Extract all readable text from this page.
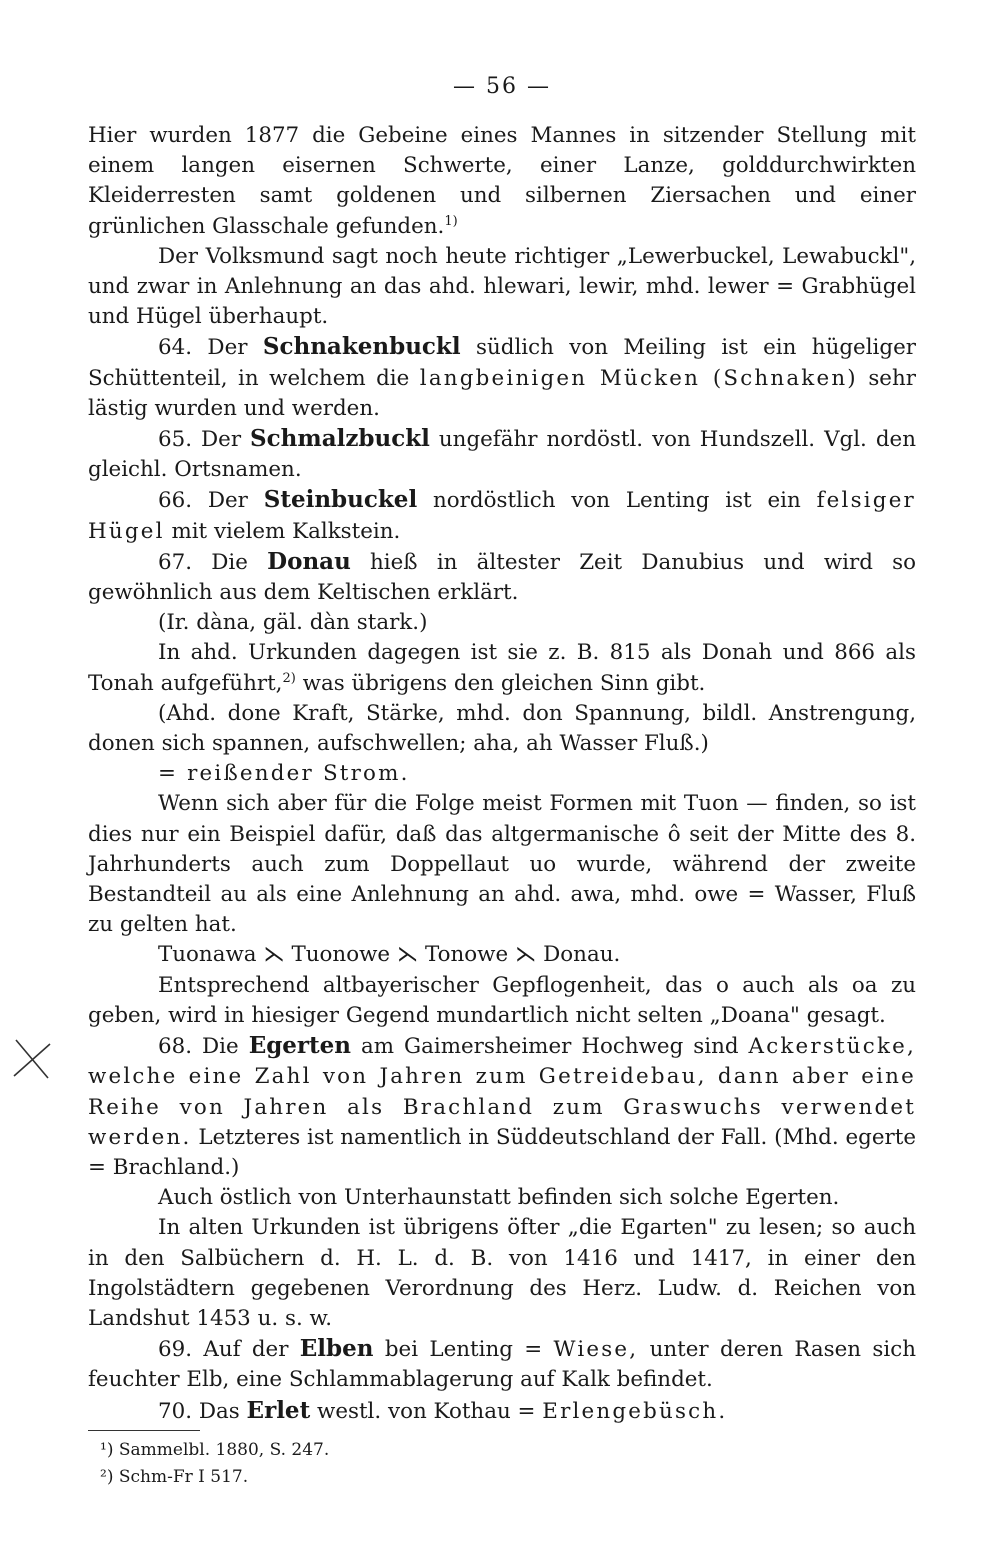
— 56 —

Hier wurden 1877 die Gebeine eines Mannes in sitzender Stellung mit einem langen eisernen Schwerte, einer Lanze, golddurchwirkten Kleiderresten samt goldenen und silbernen Ziersachen und einer grünlichen Glasschale gefunden.$^{1)}$

Der Volksmund sagt noch heute richtiger „Lewerbuckel, Lewabuckl", und zwar in Anlehnung an das ahd. hlewari, lewir, mhd. lewer = Grabhügel und Hügel überhaupt.

64. Der Schnakenbuckl südlich von Meiling ist ein hügeliger Schüttenteil, in welchem die langbeinigen Mücken (Schnaken) sehr lästig wurden und werden.

65. Der Schmalzbuckl ungefähr nordöstl. von Hundszell. Vgl. den gleichl. Ortsnamen.

66. Der Steinbuckel nordöstlich von Lenting ist ein felsiger Hügel mit vielem Kalkstein.

67. Die Donau hieß in ältester Zeit Danubius und wird so gewöhnlich aus dem Keltischen erklärt.

(Ir. dàna, gäl. dàn stark.)

In ahd. Urkunden dagegen ist sie z. B. 815 als Donah und 866 als Tonah aufgeführt,$^{2)}$ was übrigens den gleichen Sinn gibt.

(Ahd. done Kraft, Stärke, mhd. don Spannung, bildl. Anstrengung, donen sich spannen, aufschwellen; aha, ah Wasser Fluß.)

= reißender Strom.

Wenn sich aber für die Folge meist Formen mit Tuon — finden, so ist dies nur ein Beispiel dafür, daß das altgermanische ô seit der Mitte des 8. Jahrhunderts auch zum Doppellaut uo wurde, während der zweite Bestandteil au als eine Anlehnung an ahd. awa, mhd. owe = Wasser, Fluß zu gelten hat.

Tuonawa ⋋ Tuonowe ⋋ Tonowe ⋋ Donau.

Entsprechend altbayerischer Gepflogenheit, das o auch als oa zu geben, wird in hiesiger Gegend mundartlich nicht selten „Doana" gesagt.

68. Die Egerten am Gaimersheimer Hochweg sind Ackerstücke, welche eine Zahl von Jahren zum Getreidebau, dann aber eine Reihe von Jahren als Brachland zum Graswuchs verwendet werden. Letzteres ist namentlich in Süddeutschland der Fall. (Mhd. egerte = Brachland.)

Auch östlich von Unterhaunstatt befinden sich solche Egerten.

In alten Urkunden ist übrigens öfter „die Egarten" zu lesen; so auch in den Salbüchern d. H. L. d. B. von 1416 und 1417, in einer den Ingolstädtern gegebenen Verordnung des Herz. Ludw. d. Reichen von Landshut 1453 u. s. w.

69. Auf der Elben bei Lenting = Wiese, unter deren Rasen sich feuchter Elb, eine Schlammablagerung auf Kalk befindet.

70. Das Erlet westl. von Kothau = Erlengebüsch.

¹) Sammelbl. 1880, S. 247.

²) Schm-Fr I 517.
